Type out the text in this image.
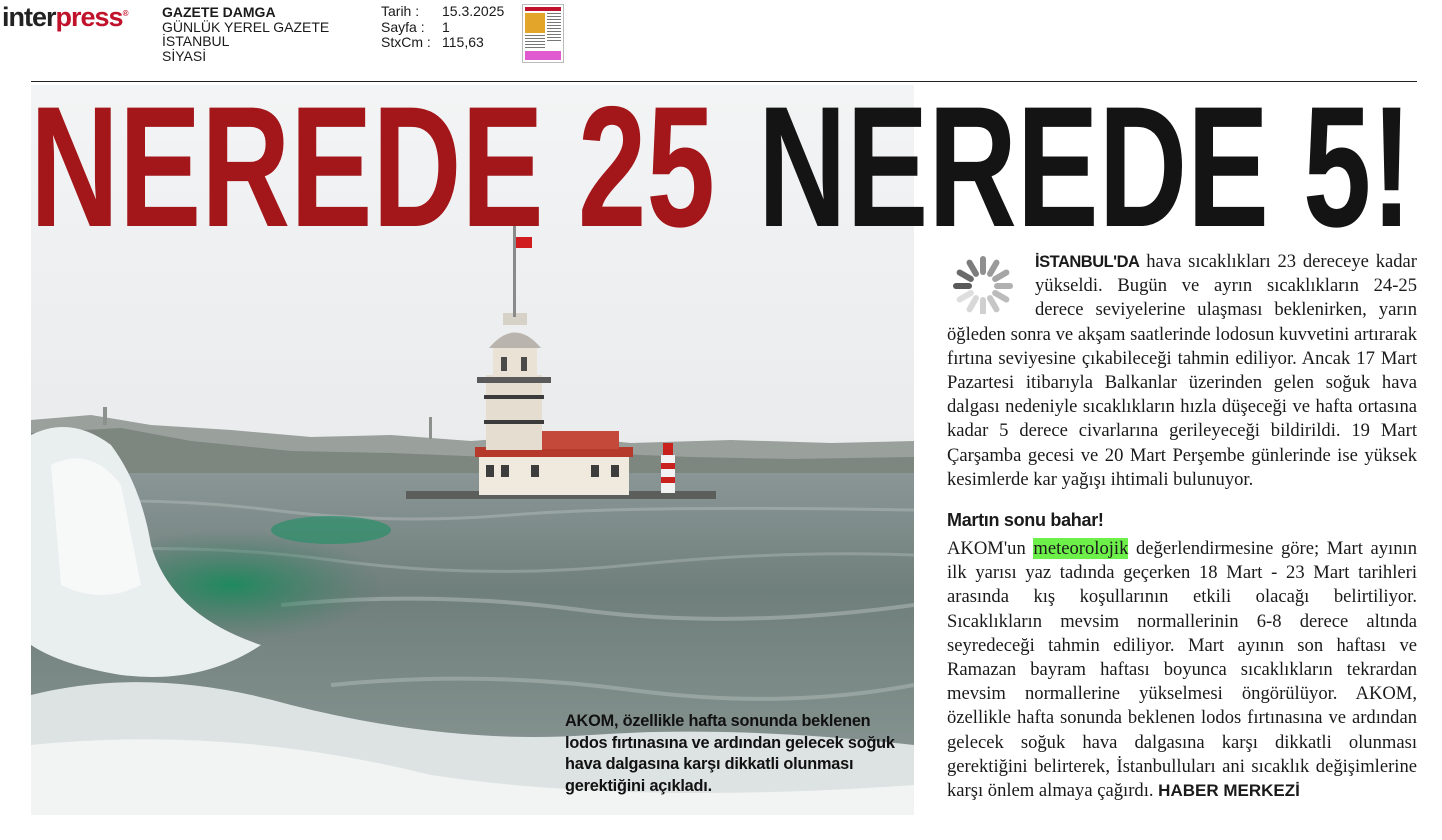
interpress® GAZETE DAMGA
GÜNLÜK YEREL GAZETE
İSTANBUL
SİYASİ
Tarih :	15.3.2025
Sayfa :	1
StxCm : 115,63
NEREDE 25 NEREDE 5!

İSTANBUL'DA hava sıcaklıkları 23 dereceye kadar yükseldi. Bugün ve ayrın sıcaklıkların 24-25 derece seviyelerine ulaşması beklenirken, yarın öğleden sonra ve akşam saatlerinde lodosun kuvvetini artırarak fırtına seviyesine çıkabileceği tahmin ediliyor. Ancak 17 Mart Pazartesi itibarıyla Balkanlar üzerinden gelen soğuk hava dalgası nedeniyle sıcaklıkların hızla düşeceği ve hafta ortasına kadar 5 derece civarlarına gerileyeceği bildirildi. 19 Mart Çarşamba gecesi ve 20 Mart Perşembe günlerinde ise yüksek kesimlerde kar yağışı ihtimali bulunuyor.

Martın sonu bahar!

AKOM'un meteorolojik değerlendirmesine göre; Mart ayının ilk yarısı yaz tadında geçerken 18 Mart - 23 Mart tarihleri arasında kış koşullarının etkili olacağı belirtiliyor. Sıcaklıkların mevsim normallerinin 6-8 derece altında seyredeceği tahmin ediliyor. Mart ayının son haftası ve Ramazan bayram haftası boyunca sıcaklıkların tekrardan mevsim normallerine yükselmesi öngörülüyor. AKOM, özellikle hafta sonunda beklenen lodos fırtınasına ve ardından gelecek soğuk hava dalgasına karşı dikkatli olunması gerektiğini belirterek, İstanbulluları ani sıcaklık değişimlerine karşı önlem almaya çağırdı. HABER MERKEZİ

AKOM, özellikle hafta sonunda beklenen lodos fırtınasına ve ardından gelecek soğuk hava dalgasına karşı dikkatli olunması gerektiğini açıkladı.
